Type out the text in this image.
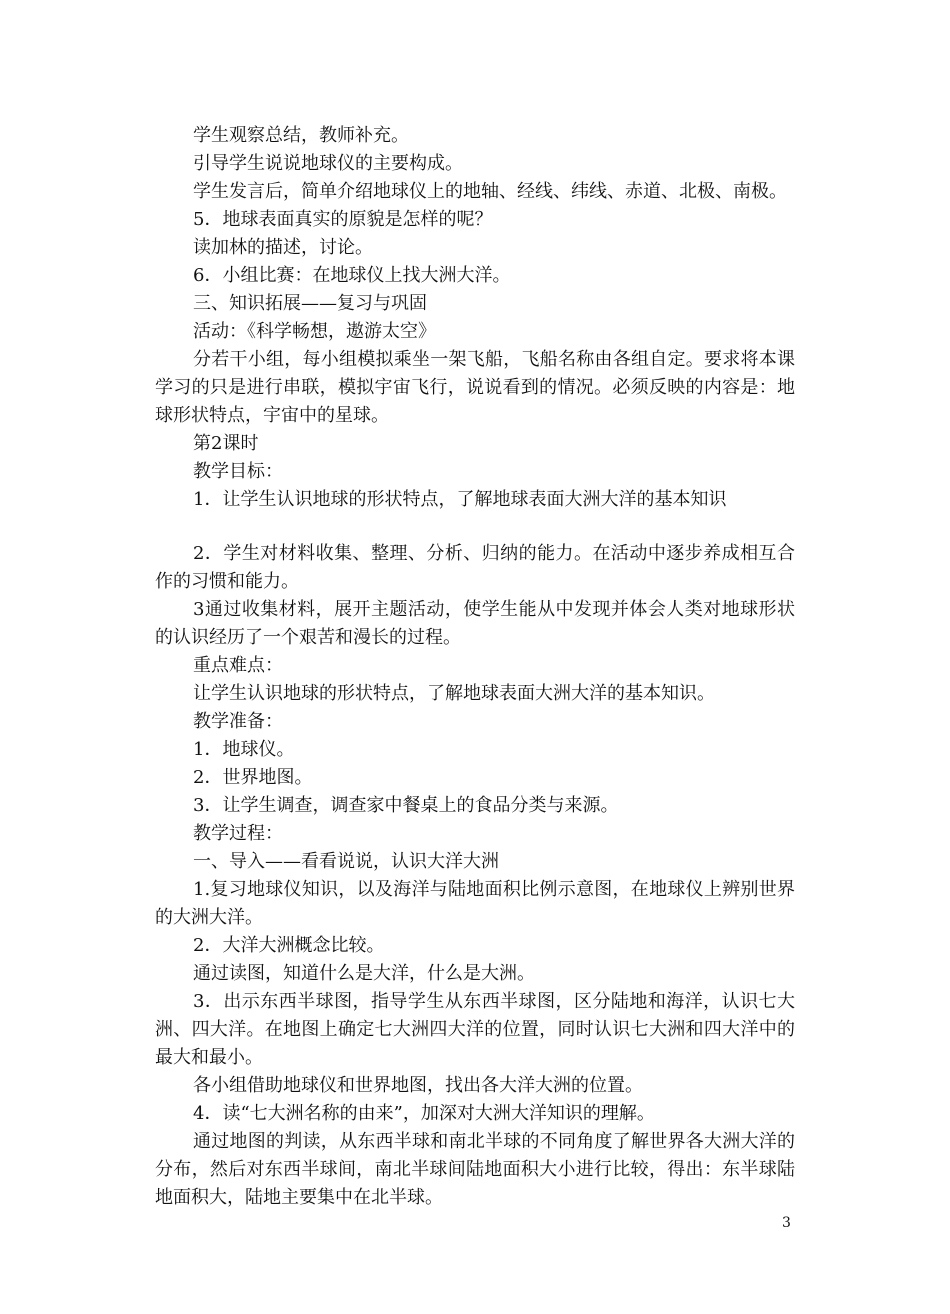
学生观察总结，教师补充。

引导学生说说地球仪的主要构成。

学生发言后，简单介绍地球仪上的地轴、经线、纬线、赤道、北极、南极。

5．地球表面真实的原貌是怎样的呢？

读加林的描述，讨论。

6．小组比赛：在地球仪上找大洲大洋。

三、知识拓展——复习与巩固

活动：《科学畅想，遨游太空》

分若干小组，每小组模拟乘坐一架飞船，飞船名称由各组自定。要求将本课学习的只是进行串联，模拟宇宙飞行，说说看到的情况。必须反映的内容是：地球形状特点，宇宙中的星球。

第2课时

教学目标：

1．让学生认识地球的形状特点，了解地球表面大洲大洋的基本知识

2．学生对材料收集、整理、分析、归纳的能力。在活动中逐步养成相互合作的习惯和能力。

3通过收集材料，展开主题活动，使学生能从中发现并体会人类对地球形状的认识经历了一个艰苦和漫长的过程。

重点难点：

让学生认识地球的形状特点，了解地球表面大洲大洋的基本知识。

教学准备：

1．地球仪。

2．世界地图。

3．让学生调查，调查家中餐桌上的食品分类与来源。

教学过程：

一、导入——看看说说，认识大洋大洲

1.复习地球仪知识，以及海洋与陆地面积比例示意图，在地球仪上辨别世界的大洲大洋。

2．大洋大洲概念比较。

通过读图，知道什么是大洋，什么是大洲。

3．出示东西半球图，指导学生从东西半球图，区分陆地和海洋，认识七大洲、四大洋。在地图上确定七大洲四大洋的位置，同时认识七大洲和四大洋中的最大和最小。

各小组借助地球仪和世界地图，找出各大洋大洲的位置。

4．读“七大洲名称的由来”，加深对大洲大洋知识的理解。

通过地图的判读，从东西半球和南北半球的不同角度了解世界各大洲大洋的分布，然后对东西半球间，南北半球间陆地面积大小进行比较，得出：东半球陆地面积大，陆地主要集中在北半球。

3
